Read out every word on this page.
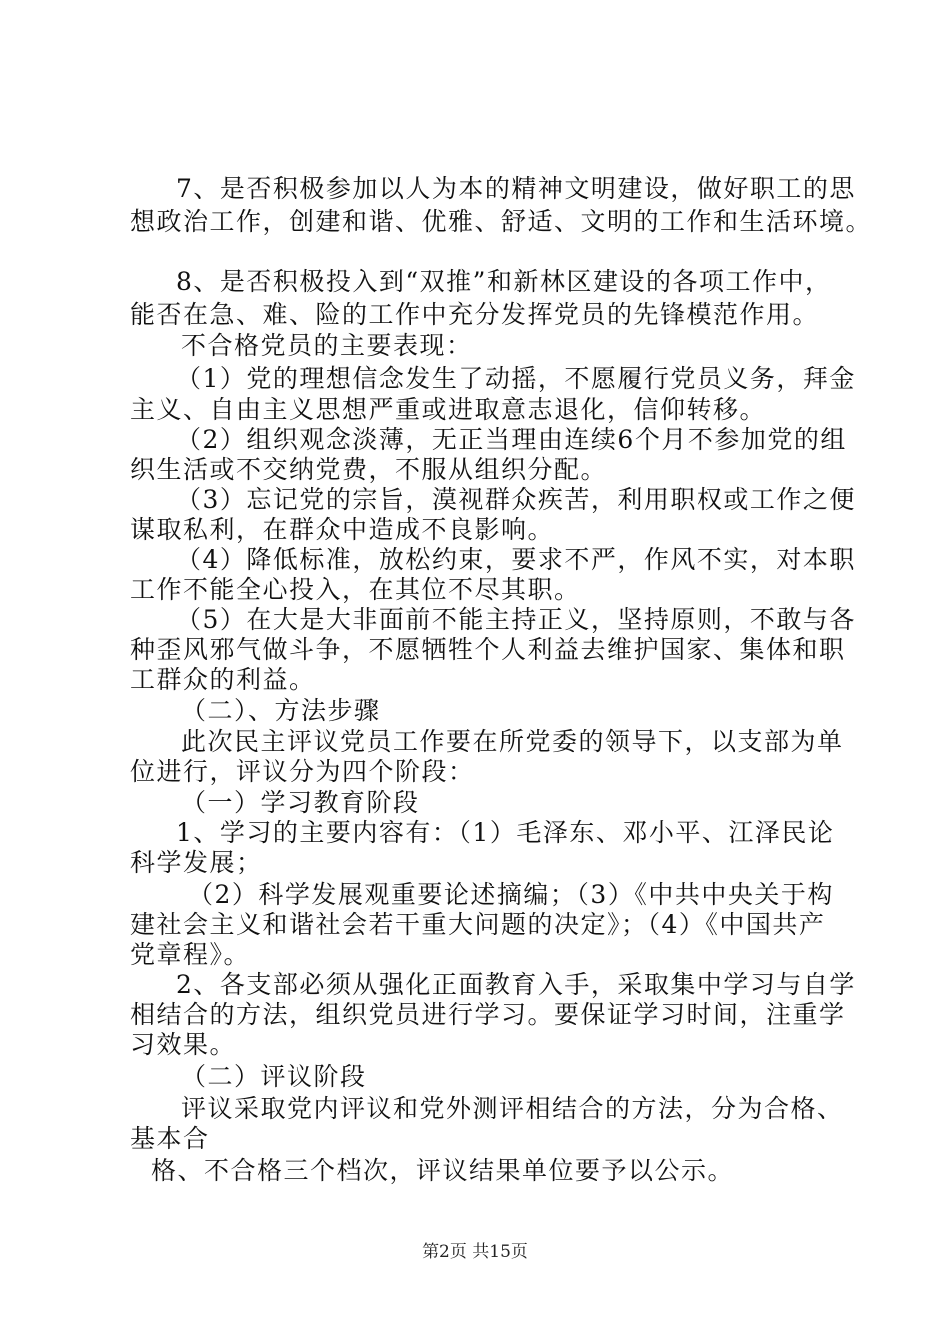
7、是否积极参加以人为本的精神文明建设，做好职工的思

想政治工作，创建和谐、优雅、舒适、文明的工作和生活环境。

8、是否积极投入到“双推”和新林区建设的各项工作中，

能否在急、难、险的工作中充分发挥党员的先锋模范作用。

不合格党员的主要表现：

（1）党的理想信念发生了动摇，不愿履行党员义务，拜金

主义、自由主义思想严重或进取意志退化，信仰转移。

（2）组织观念淡薄，无正当理由连续6个月不参加党的组

织生活或不交纳党费，不服从组织分配。

（3）忘记党的宗旨，漠视群众疾苦，利用职权或工作之便

谋取私利，在群众中造成不良影响。

（4）降低标准，放松约束，要求不严，作风不实，对本职

工作不能全心投入，在其位不尽其职。

（5）在大是大非面前不能主持正义，坚持原则，不敢与各

种歪风邪气做斗争，不愿牺牲个人利益去维护国家、集体和职

工群众的利益。

（二）、方法步骤

此次民主评议党员工作要在所党委的领导下，以支部为单

位进行，评议分为四个阶段：

（一）学习教育阶段

1、学习的主要内容有：（1）毛泽东、邓小平、江泽民论

科学发展；

（2）科学发展观重要论述摘编；（3）《中共中央关于构

建社会主义和谐社会若干重大问题的决定》；（4）《中国共产

党章程》。

2、各支部必须从强化正面教育入手，采取集中学习与自学

相结合的方法，组织党员进行学习。要保证学习时间，注重学

习效果。

（二）评议阶段

评议采取党内评议和党外测评相结合的方法，分为合格、

基本合

格、不合格三个档次，评议结果单位要予以公示。

第2页 共15页
